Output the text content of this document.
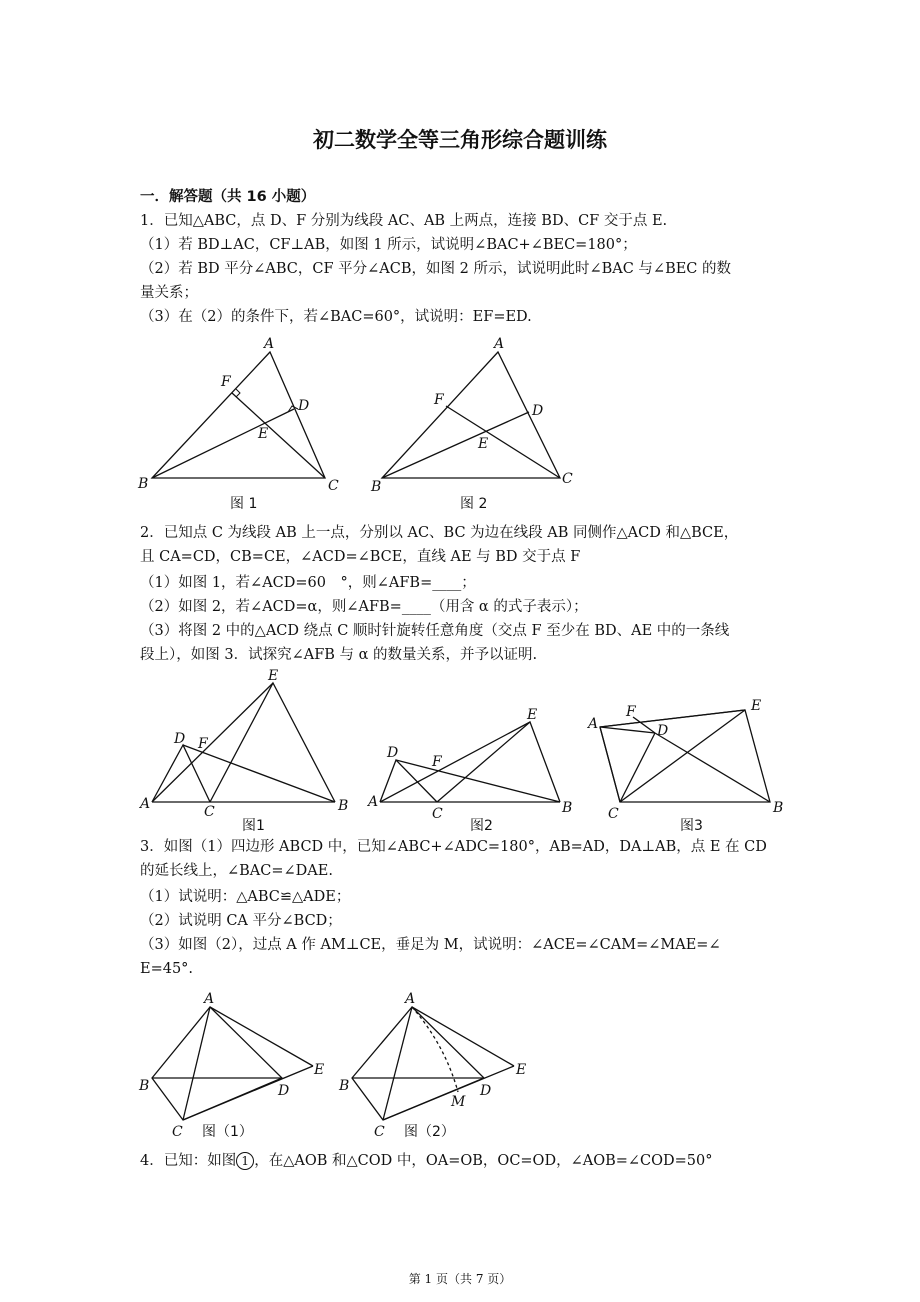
初二数学全等三角形综合题训练
一．解答题（共 16 小题）
1．已知△ABC，点 D、F 分别为线段 AC、AB 上两点，连接 BD、CF 交于点 E.
（1）若 BD⊥AC，CF⊥AB，如图 1 所示，试说明∠BAC+∠BEC=180°；
（2）若 BD 平分∠ABC，CF 平分∠ACB，如图 2 所示，试说明此时∠BAC 与∠BEC 的数
量关系；
（3）在（2）的条件下，若∠BAC=60°，试说明：EF=ED.
A
F
D
E
B	C
图 1
A
F
D
E
B	C
图 2
2．已知点 C 为线段 AB 上一点，分别以 AC、BC 为边在线段 AB 同侧作△ACD 和△BCE，
且 CA=CD，CB=CE，∠ACD=∠BCE，直线 AE 与 BD 交于点 F
（1）如图 1，若∠ACD=60　°，则∠AFB=____；
（2）如图 2，若∠ACD=α，则∠AFB=____（用含 α 的式子表示）；
（3）将图 2 中的△ACD 绕点 C 顺时针旋转任意角度（交点 F 至少在 BD、AE 中的一条线
段上），如图 3．试探究∠AFB 与 α 的数量关系，并予以证明.
E
D F
A	C	B
图1
E
D
F
A
C	B
图2
A
F
D
E
C	B
图3
3．如图（1）四边形 ABCD 中，已知∠ABC+∠ADC=180°，AB=AD，DA⊥AB，点 E 在 CD
的延长线上，∠BAC=∠DAE.
（1）试说明：△ABC≌△ADE；
（2）试说明 CA 平分∠BCD；
（3）如图（2），过点 A 作 AM⊥CE，垂足为 M，试说明：∠ACE=∠CAM=∠MAE=∠
E=45°.
A
B	D
E
C 图（1）
A
B	D
E
M
C 图（2）
4．已知：如图 1 ，在△AOB 和△COD 中，OA=OB，OC=OD，∠AOB=∠COD=50°
第 1 页（共 7 页）
